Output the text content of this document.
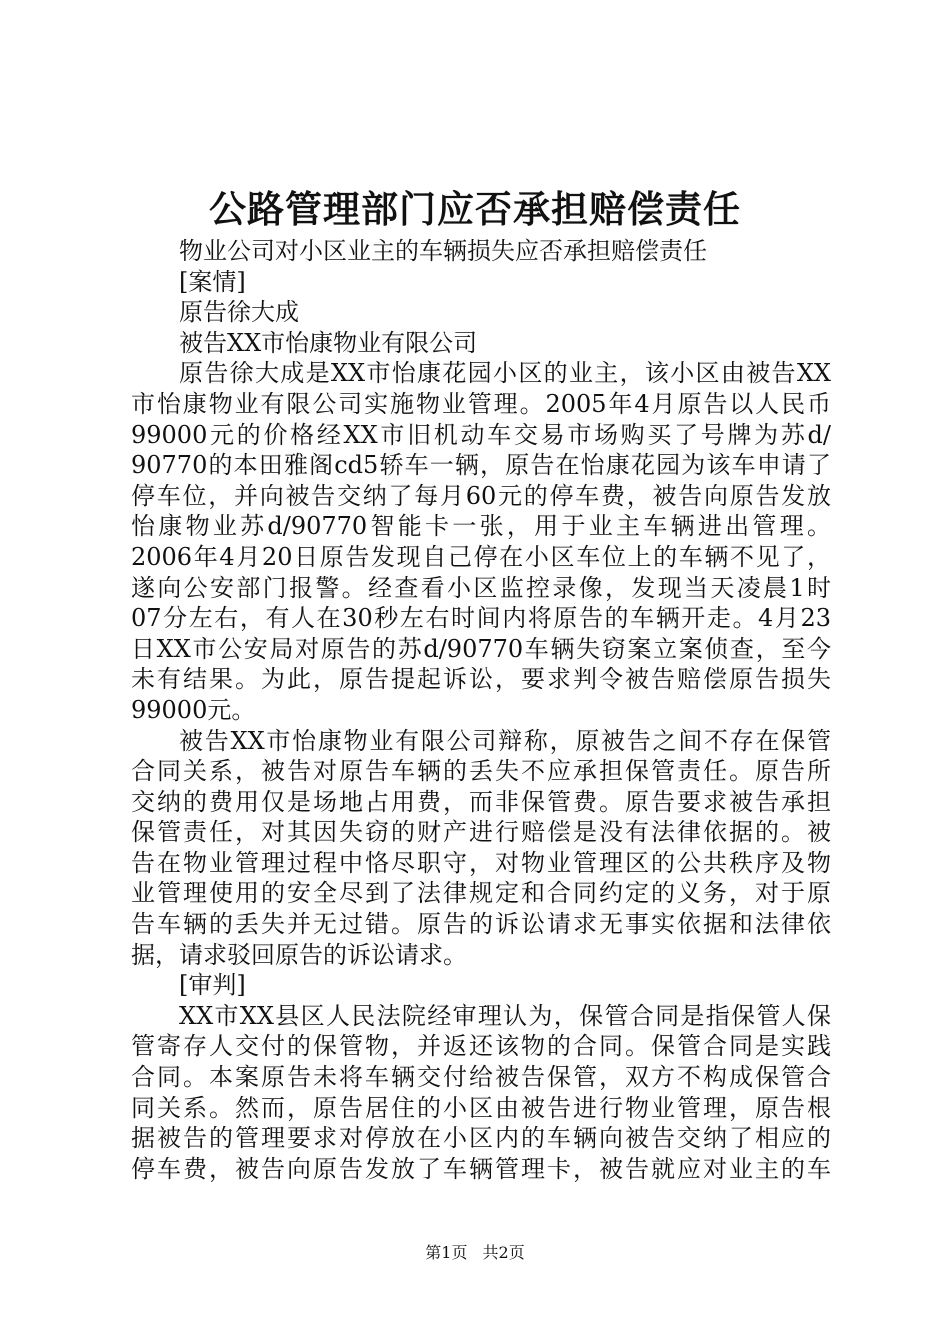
公路管理部门应否承担赔偿责任

物业公司对小区业主的车辆损失应否承担赔偿责任

[案情]

原告徐大成

被告XX市怡康物业有限公司

原告徐大成是XX市怡康花园小区的业主，该小区由被告XX

市怡康物业有限公司实施物业管理。2005年4月原告以人民币

99000元的价格经XX市旧机动车交易市场购买了号牌为苏d/

90770的本田雅阁cd5轿车一辆，原告在怡康花园为该车申请了

停车位，并向被告交纳了每月60元的停车费，被告向原告发放

怡康物业苏d/90770智能卡一张，用于业主车辆进出管理。

2006年4月20日原告发现自己停在小区车位上的车辆不见了，

遂向公安部门报警。经查看小区监控录像，发现当天凌晨1时

07分左右，有人在30秒左右时间内将原告的车辆开走。4月23

日XX市公安局对原告的苏d/90770车辆失窃案立案侦查，至今

未有结果。为此，原告提起诉讼，要求判令被告赔偿原告损失

99000元。

被告XX市怡康物业有限公司辩称，原被告之间不存在保管

合同关系，被告对原告车辆的丢失不应承担保管责任。原告所

交纳的费用仅是场地占用费，而非保管费。原告要求被告承担

保管责任，对其因失窃的财产进行赔偿是没有法律依据的。被

告在物业管理过程中恪尽职守，对物业管理区的公共秩序及物

业管理使用的安全尽到了法律规定和合同约定的义务，对于原

告车辆的丢失并无过错。原告的诉讼请求无事实依据和法律依

据，请求驳回原告的诉讼请求。

[审判]

XX市XX县区人民法院经审理认为，保管合同是指保管人保

管寄存人交付的保管物，并返还该物的合同。保管合同是实践

合同。本案原告未将车辆交付给被告保管，双方不构成保管合

同关系。然而，原告居住的小区由被告进行物业管理，原告根

据被告的管理要求对停放在小区内的车辆向被告交纳了相应的

停车费，被告向原告发放了车辆管理卡，被告就应对业主的车

第1页 共2页
